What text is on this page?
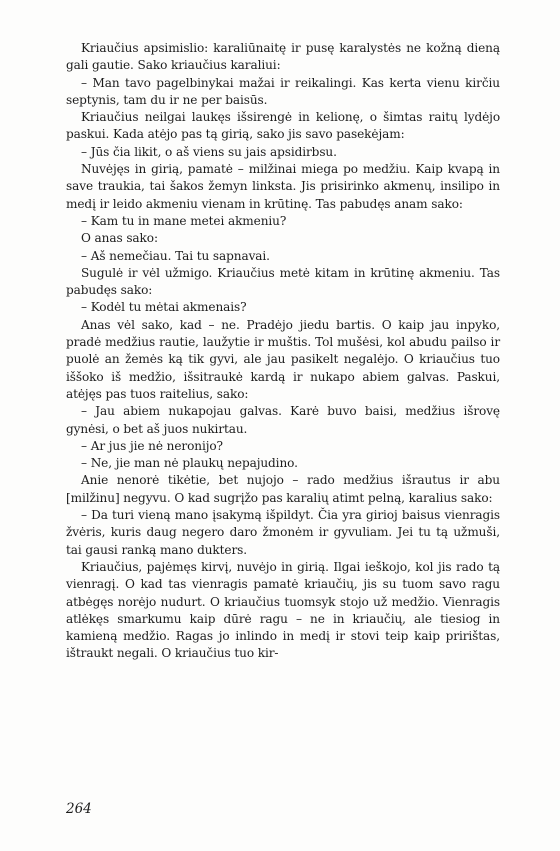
Kriaučius apsimislio: karaliūnaitę ir pusę karalystės ne kožną dieną gali gautie. Sako kriaučius karaliui:

– Man tavo pagelbinykai mažai ir reikalingi. Kas kerta vienu kirčiu septynis, tam du ir ne per baisūs.

Kriaučius neilgai laukęs išsirengė in kelionę, o šimtas raitų lydėjo paskui. Kada atėjo pas tą girią, sako jis savo pasekėjam:

– Jūs čia likit, o aš viens su jais apsidirbsu.

Nuvėjęs in girią, pamatė – milžinai miega po medžiu. Kaip kvapą in save traukia, tai šakos žemyn linksta. Jis prisirinko akmenų, insilipo in medį ir leido akmeniu vienam in krūtinę. Tas pabudęs anam sako:

– Kam tu in mane metei akmeniu?

O anas sako:

– Aš nemečiau. Tai tu sapnavai.

Sugulė ir vėl užmigo. Kriaučius metė kitam in krūtinę akmeniu. Tas pabudęs sako:

– Kodėl tu mėtai akmenais?

Anas vėl sako, kad – ne. Pradėjo jiedu bartis. O kaip jau inpyko, pradė medžius rautie, laužytie ir muštis. Tol mušėsi, kol abudu pailso ir puolė an žemės ką tik gyvi, ale jau pasikelt negalėjo. O kriaučius tuo iššoko iš medžio, išsitraukė kardą ir nukapo abiem galvas. Paskui, atėjęs pas tuos raitelius, sako:

– Jau abiem nukapojau galvas. Karė buvo baisi, medžius išrovę gynėsi, o bet aš juos nukirtau.

– Ar jus jie nė neronijo?

– Ne, jie man nė plaukų nepajudino.

Anie nenorė tikėtie, bet nujojo – rado medžius išrautus ir abu [milžinu] negyvu. O kad sugrįžo pas karalių atimt pelną, karalius sako:

– Da turi vieną mano įsakymą išpildyt. Čia yra girioj baisus vienragis žvėris, kuris daug negero daro žmonėm ir gyvuliam. Jei tu tą užmuši, tai gausi ranką mano dukters.

Kriaučius, pajėmęs kirvį, nuvėjo in girią. Ilgai ieškojo, kol jis rado tą vienragį. O kad tas vienragis pamatė kriaučių, jis su tuom savo ragu atbėgęs norėjo nudurt. O kriaučius tuomsyk stojo už medžio. Vienragis atlėkęs smarkumu kaip dūrė ragu – ne in kriaučių, ale tiesiog in kamieną medžio. Ragas jo inlindo in medį ir stovi teip kaip pririštas, ištraukt negali. O kriaučius tuo kir-

264
